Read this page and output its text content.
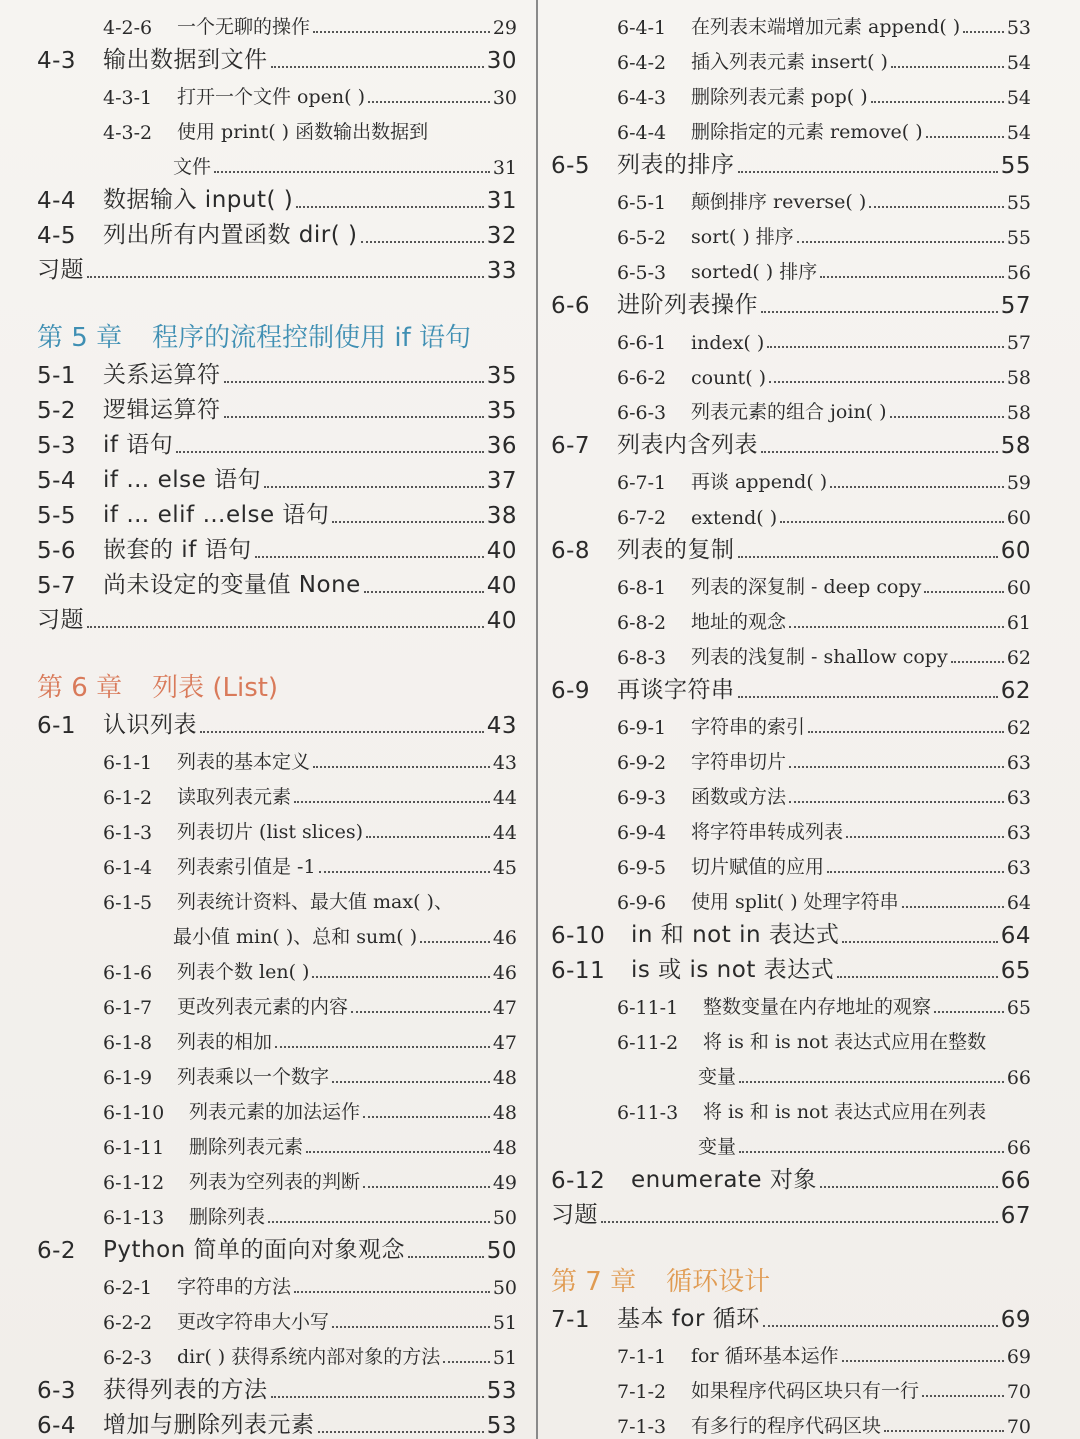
4-2-6	一个无聊的操作	29
4-3	输出数据到文件	30
4-3-1	打开一个文件 open( )	30
4-3-2 使用 print( ) 函数输出数据到
文件	31
4-4	数据输入 input( )	31
4-5	列出所有内置函数 dir( )	32
习题	33
第 5 章 程序的流程控制使用 if 语句
5-1	关系运算符	35
5-2	逻辑运算符	35
5-3	if 语句	36
5-4	if … else 语句	37
5-5	if … elif …else 语句	38
5-6	嵌套的 if 语句	40
5-7	尚未设定的变量值 None	40
习题	40
第 6 章 列表 (List)
6-1	认识列表	43
6-1-1	列表的基本定义	43
6-1-2	读取列表元素	44
6-1-3	列表切片 (list slices)	44
6-1-4	列表索引值是 -1	45
6-1-5 列表统计资料、最大值 max( )、
最小值 min( )、总和 sum( )	46
6-1-6	列表个数 len( )	46
6-1-7	更改列表元素的内容	47
6-1-8	列表的相加	47
6-1-9	列表乘以一个数字	48
6-1-10	列表元素的加法运作	48
6-1-11	删除列表元素	48
6-1-12	列表为空列表的判断	49
6-1-13	删除列表	50
6-2	Python 简单的面向对象观念	50
6-2-1	字符串的方法	50
6-2-2	更改字符串大小写	51
6-2-3	dir( ) 获得系统内部对象的方法	51
6-3	获得列表的方法	53
6-4	增加与删除列表元素	53
6-4-1	在列表末端增加元素 append( ) 53
6-4-2	插入列表元素 insert( )	54
6-4-3	删除列表元素 pop( )	54
6-4-4	删除指定的元素 remove( )	54
6-5	列表的排序	55
6-5-1	颠倒排序 reverse( )	55
6-5-2	sort( ) 排序	55
6-5-3	sorted( ) 排序	56
6-6	进阶列表操作	57
6-6-1	index( )	57
6-6-2	count( )	58
6-6-3	列表元素的组合 join( )	58
6-7	列表内含列表	58
6-7-1	再谈 append( )	59
6-7-2	extend( )	60
6-8	列表的复制	60
6-8-1	列表的深复制 - deep copy	60
6-8-2	地址的观念	61
6-8-3	列表的浅复制 - shallow copy	62
6-9	再谈字符串	62
6-9-1	字符串的索引	62
6-9-2	字符串切片	63
6-9-3	函数或方法	63
6-9-4	将字符串转成列表	63
6-9-5	切片赋值的应用	63
6-9-6	使用 split( ) 处理字符串	64
6-10	in 和 not in 表达式	64
6-11	is 或 is not 表达式	65
6-11-1	整数变量在内存地址的观察	65
6-11-2 将 is 和 is not 表达式应用在整数
变量	66
6-11-3 将 is 和 is not 表达式应用在列表
变量	66
6-12	enumerate 对象	66
习题	67
第 7 章 循环设计
7-1	基本 for 循环	69
7-1-1	for 循环基本运作	69
7-1-2	如果程序代码区块只有一行	70
7-1-3	有多行的程序代码区块	70
